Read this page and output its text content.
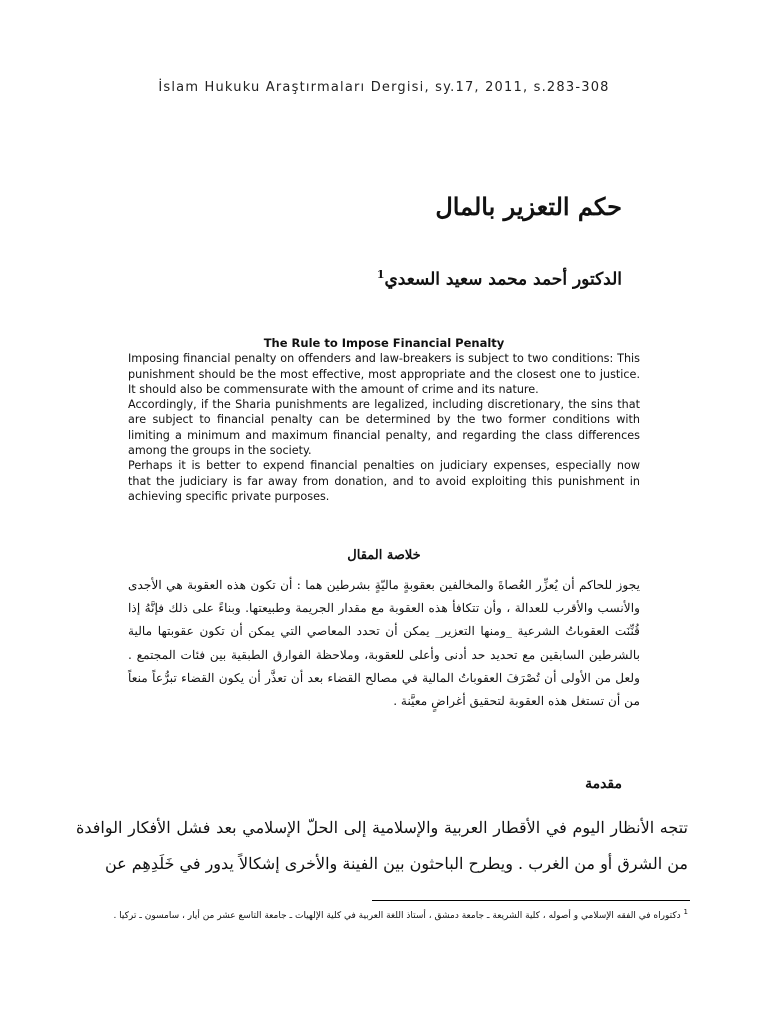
İslam Hukuku Araştırmaları Dergisi, sy.17, 2011, s.283-308
حكم التعزير بالمال
الدكتور أحمد محمد سعيد السعدي$^1$
The Rule to Impose Financial Penalty

Imposing financial penalty on offenders and law-breakers is subject to two conditions: This punishment should be the most effective, most appropriate and the closest one to justice. It should also be commensurate with the amount of crime and its nature.

Accordingly, if the Sharia punishments are legalized, including discretionary, the sins that are subject to financial penalty can be determined by the two former conditions with limiting a minimum and maximum financial penalty, and regarding the class differences among the groups in the society.

Perhaps it is better to expend financial penalties on judiciary expenses, especially now that the judiciary is far away from donation, and to avoid exploiting this punishment in achieving specific private purposes.

خلاصة المقال
يجوز للحاكم أن يُعزِّر العُصاةَ والمخالفين بعقوبةٍ ماليّةٍ بشرطين هما : أن تكون هذه العقوبة هي الأجدى والأنسب والأقرب للعدالة ، وأن تتكافأ هذه العقوبة مع مقدار الجريمة وطبيعتها. وبناءً على ذلك فإنَّهُ إذا قُنِّنَت العقوباتُ الشرعية _ومنها التعزير_ يمكن أن تحدد المعاصي التي يمكن أن تكون عقوبتها مالية بالشرطين السابقين مع تحديد حد أدنى وأعلى للعقوبة، وملاحظة الفوارق الطبقية بين فئات المجتمع . ولعل من الأولى أن تُصْرَفَ العقوباتُ المالية في مصالح القضاء بعد أن تعذَّر أن يكون القضاء تبرُّعاً منعاً من أن تستغل هذه العقوبة لتحقيق أغراضٍ معيَّنة .
مقدمة
تتجه الأنظار اليوم في الأقطار العربية والإسلامية إلى الحلّ الإسلامي بعد فشل الأفكار الوافدة من الشرق أو من الغرب . ويطرح الباحثون بين الفينة والأخرى إشكالاً يدور في خَلَدِهِم عن
$^1$ دكتوراه في الفقه الإسلامي و أصوله ، كلية الشريعة ـ جامعة دمشق ، أستاذ اللغة العربية في كلية الإلهيات ـ جامعة التاسع عشر من أيار ، سامسون ـ تركيا .
